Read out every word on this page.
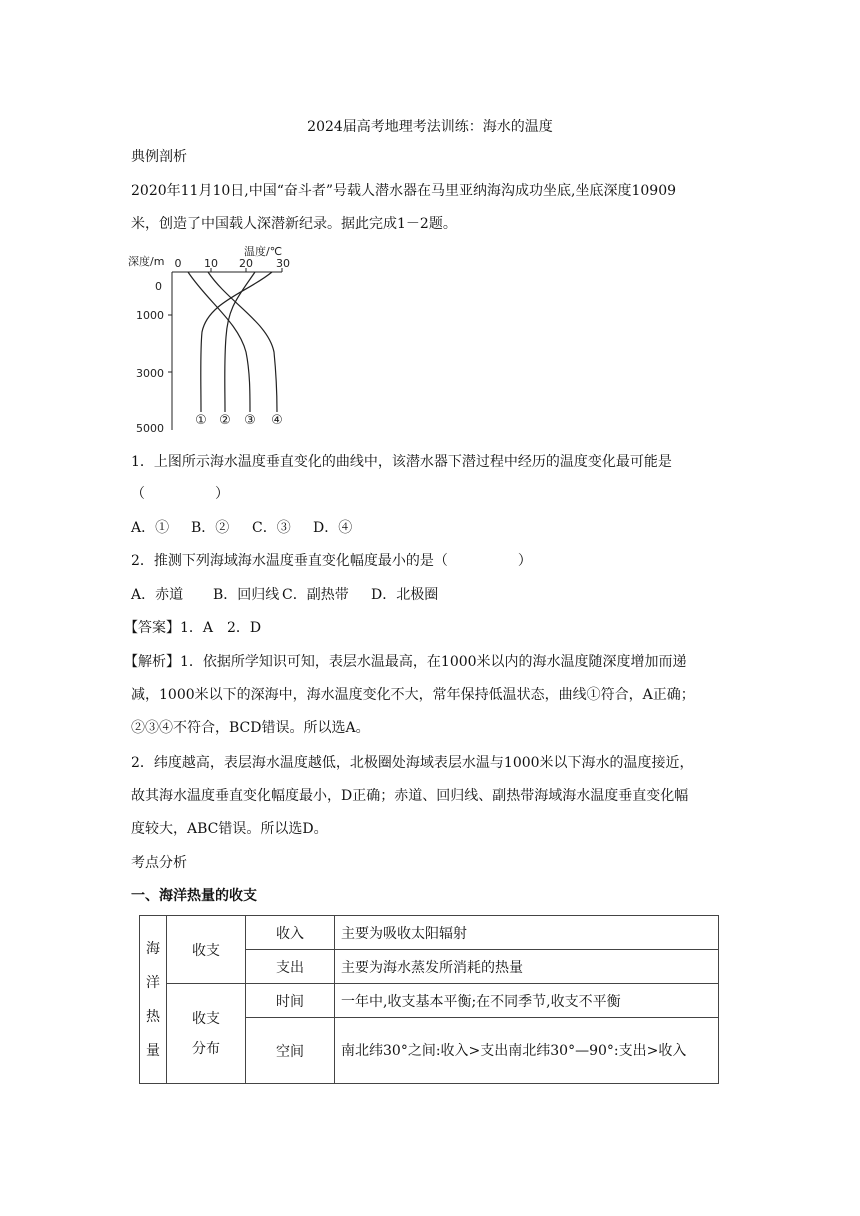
2024届高考地理考法训练：海水的温度
典例剖析
2020年11月10日,中国“奋斗者”号载人潜水器在马里亚纳海沟成功坐底,坐底深度10909
米，创造了中国载人深潜新纪录。据此完成1－2题。
深度/m
温度/℃
0 10 20 30
0
1000
3000
5000
① ② ③ ④
1．上图所示海水温度垂直变化的曲线中，该潜水器下潜过程中经历的温度变化最可能是
（　　　　　）
A．① B．② C．③ D．④
2．推测下列海域海水温度垂直变化幅度最小的是（　　　　　）
A．赤道 B．回归线 C．副热带 D．北极圈
【答案】1．A　2．D
【解析】1．依据所学知识可知，表层水温最高，在1000米以内的海水温度随深度增加而递
减，1000米以下的深海中，海水温度变化不大，常年保持低温状态，曲线①符合，A正确；
②③④不符合，BCD错误。所以选A。
2．纬度越高，表层海水温度越低，北极圈处海域表层水温与1000米以下海水的温度接近，
故其海水温度垂直变化幅度最小，D正确；赤道、回归线、副热带海域海水温度垂直变化幅
度较大，ABC错误。所以选D。
考点分析
一、海洋热量的收支
海
洋
热
量	收支	收入	主要为吸收太阳辐射
		支出	主要为海水蒸发所消耗的热量

	收支
分布	时间	一年中,收支基本平衡;在不同季节,收支不平衡
		空间	南北纬30°之间:收入>支出南北纬30°—90°:支出>收入
